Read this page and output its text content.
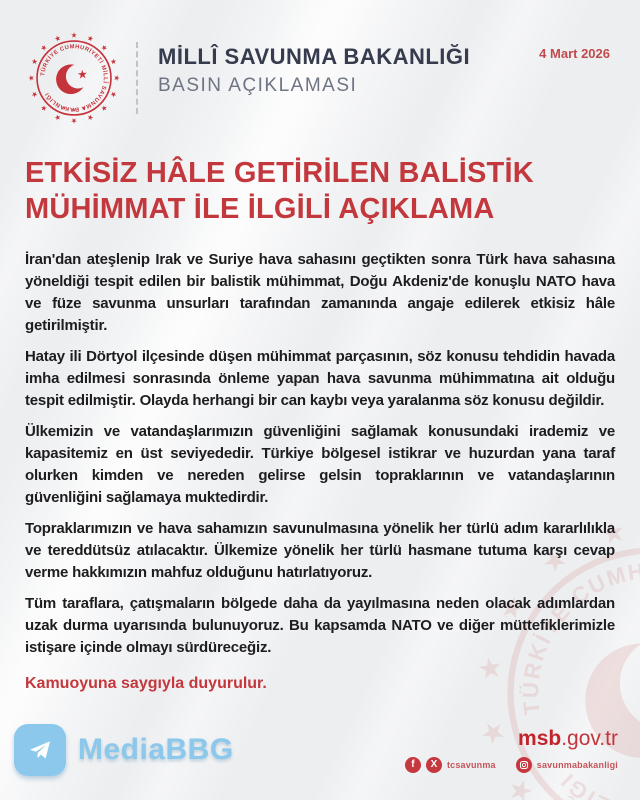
MİLLÎ SAVUNMA BAKANLIĞI
BASIN AÇIKLAMASI
4 Mart 2026
ETKİSİZ HÂLE GETİRİLEN BALİSTİK
MÜHİMMAT İLE İLGİLİ AÇIKLAMA

İran'dan ateşlenip Irak ve Suriye hava sahasını geçtikten sonra Türk hava sahasına yöneldiği tespit edilen bir balistik mühimmat, Doğu Akdeniz'de konuşlu NATO hava ve füze savunma unsurları tarafından zamanında angaje edilerek etkisiz hâle getirilmiştir.

Hatay ili Dörtyol ilçesinde düşen mühimmat parçasının, söz konusu tehdidin havada imha edilmesi sonrasında önleme yapan hava savunma mühimmatına ait olduğu tespit edilmiştir. Olayda herhangi bir can kaybı veya yaralanma söz konusu değildir.

Ülkemizin ve vatandaşlarımızın güvenliğini sağlamak konusundaki irademiz ve kapasitemiz en üst seviyededir. Türkiye bölgesel istikrar ve huzurdan yana taraf olurken kimden ve nereden gelirse gelsin topraklarının ve vatandaşlarının güvenliğini sağlamaya muktedirdir.

Topraklarımızın ve hava sahamızın savunulmasına yönelik her türlü adım kararlılıkla ve tereddütsüz atılacaktır. Ülkemize yönelik her türlü hasmane tutuma karşı cevap verme hakkımızın mahfuz olduğunu hatırlatıyoruz.

Tüm taraflara, çatışmaların bölgede daha da yayılmasına neden olacak adımlardan uzak durma uyarısında bulunuyoruz. Bu kapsamda NATO ve diğer müttefiklerimizle istişare içinde olmayı sürdüreceğiz.

Kamuoyuna saygıyla duyurulur.
MediaBBG	msb.gov.tr
f	X	tcsavunma	savunmabakanligi
